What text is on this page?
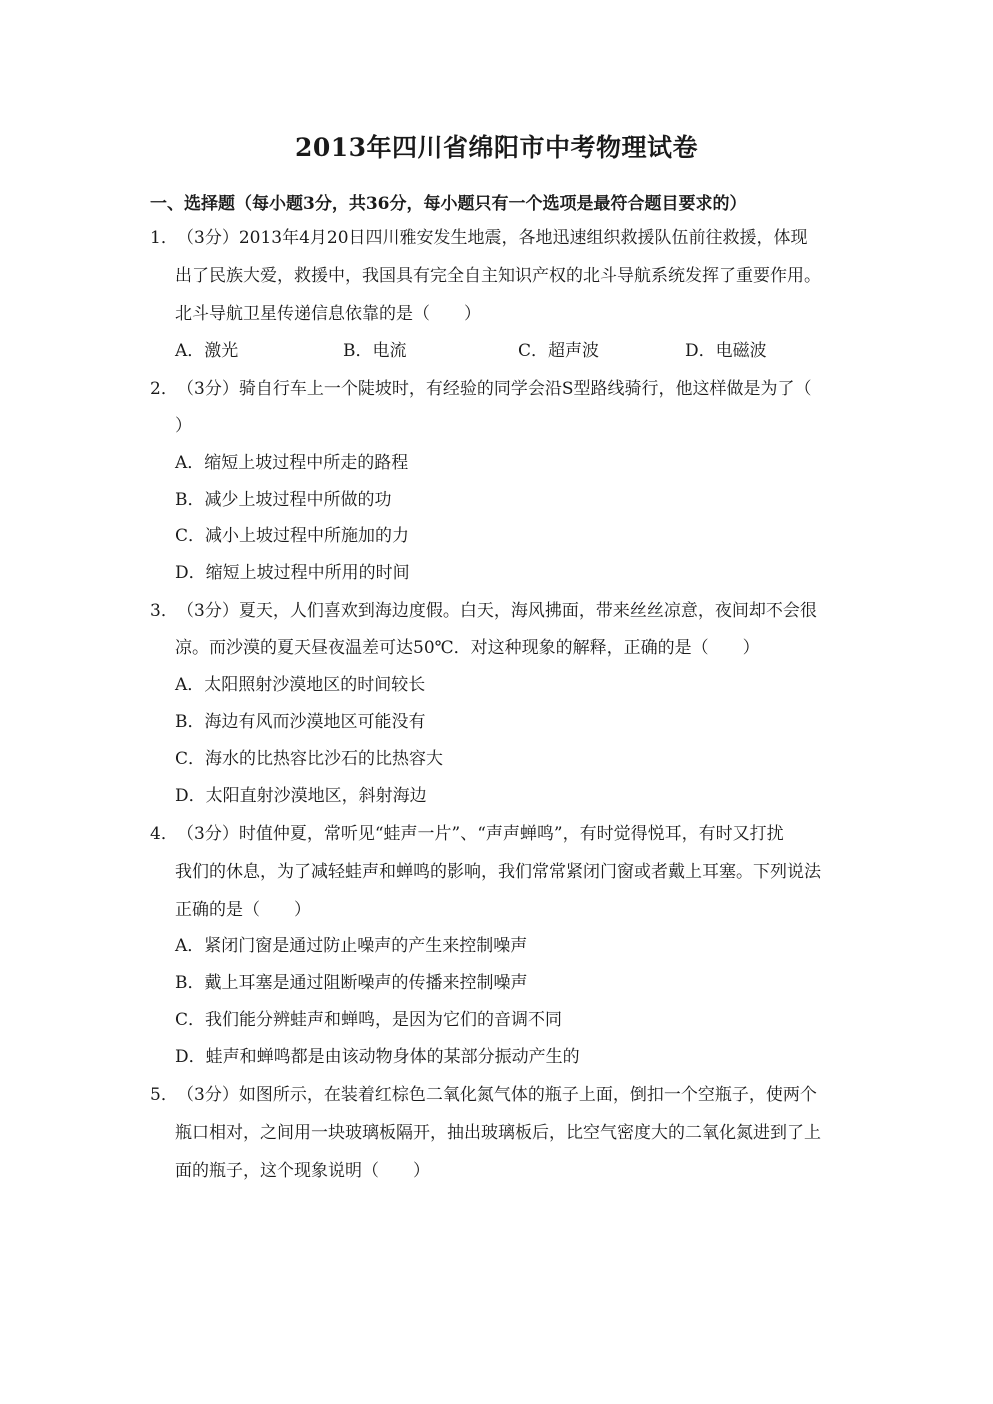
2013年四川省绵阳市中考物理试卷
一、选择题（每小题3分，共36分，每小题只有一个选项是最符合题目要求的）
1． （3分）2013年4月20日四川雅安发生地震，各地迅速组织救援队伍前往救援，体现
出了民族大爱，救援中，我国具有完全自主知识产权的北斗导航系统发挥了重要作用。
北斗导航卫星传递信息依靠的是（　　）
A．激光	B．电流	C．超声波	D．电磁波
2． （3分）骑自行车上一个陡坡时，有经验的同学会沿S型路线骑行，他这样做是为了（
）
A．缩短上坡过程中所走的路程
B．减少上坡过程中所做的功
C．减小上坡过程中所施加的力
D．缩短上坡过程中所用的时间
3． （3分）夏天，人们喜欢到海边度假。白天，海风拂面，带来丝丝凉意，夜间却不会很
凉。而沙漠的夏天昼夜温差可达50℃．对这种现象的解释，正确的是（　　）
A．太阳照射沙漠地区的时间较长
B．海边有风而沙漠地区可能没有
C．海水的比热容比沙石的比热容大
D．太阳直射沙漠地区，斜射海边
4． （3分）时值仲夏，常听见“蛙声一片”、“声声蝉鸣”，有时觉得悦耳，有时又打扰
我们的休息，为了减轻蛙声和蝉鸣的影响，我们常常紧闭门窗或者戴上耳塞。下列说法
正确的是（　　）
A．紧闭门窗是通过防止噪声的产生来控制噪声
B．戴上耳塞是通过阻断噪声的传播来控制噪声
C．我们能分辨蛙声和蝉鸣，是因为它们的音调不同
D．蛙声和蝉鸣都是由该动物身体的某部分振动产生的
5． （3分）如图所示，在装着红棕色二氧化氮气体的瓶子上面，倒扣一个空瓶子，使两个
瓶口相对，之间用一块玻璃板隔开，抽出玻璃板后，比空气密度大的二氧化氮进到了上
面的瓶子，这个现象说明（　　）
